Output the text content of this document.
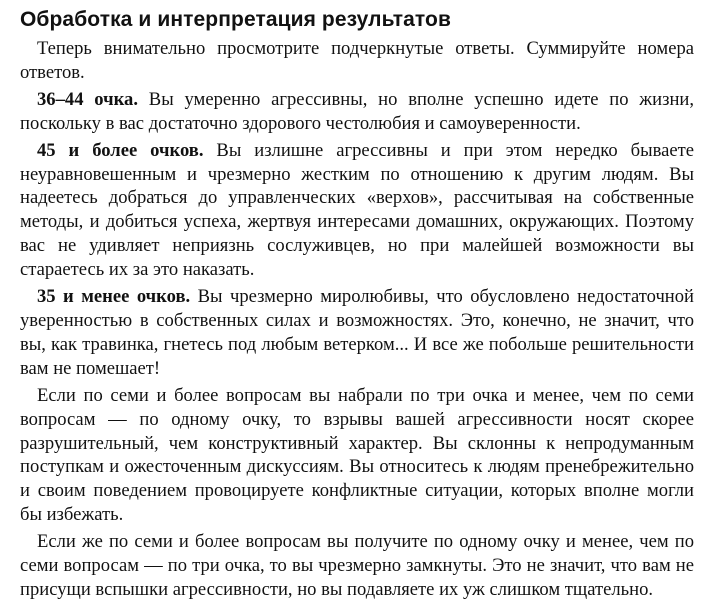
Обработка и интерпретация результатов

Теперь внимательно просмотрите подчеркнутые ответы. Суммируйте номера ответов.

36–44 очка. Вы умеренно агрессивны, но вполне успешно идете по жизни, поскольку в вас достаточно здорового честолюбия и самоуверенности.

45 и более очков. Вы излишне агрессивны и при этом нередко бываете неуравновешенным и чрезмерно жестким по отношению к другим людям. Вы надеетесь добраться до управленческих «верхов», рассчитывая на собственные методы, и добиться успеха, жертвуя интересами домашних, окружающих. Поэтому вас не удивляет неприязнь сослуживцев, но при малейшей возможности вы стараетесь их за это наказать.

35 и менее очков. Вы чрезмерно миролюбивы, что обусловлено недостаточной уверенностью в собственных силах и возможностях. Это, конечно, не значит, что вы, как травинка, гнетесь под любым ветерком... И все же побольше решительности вам не помешает!

Если по семи и более вопросам вы набрали по три очка и менее, чем по семи вопросам — по одному очку, то взрывы вашей агрессивности носят скорее разрушительный, чем конструктивный характер. Вы склонны к непродуманным поступкам и ожесточенным дискуссиям. Вы относитесь к людям пренебрежительно и своим поведением провоцируете конфликтные ситуации, которых вполне могли бы избежать.

Если же по семи и более вопросам вы получите по одному очку и менее, чем по семи вопросам — по три очка, то вы чрезмерно замкнуты. Это не значит, что вам не присущи вспышки агрессивности, но вы подавляете их уж слишком тщательно.
